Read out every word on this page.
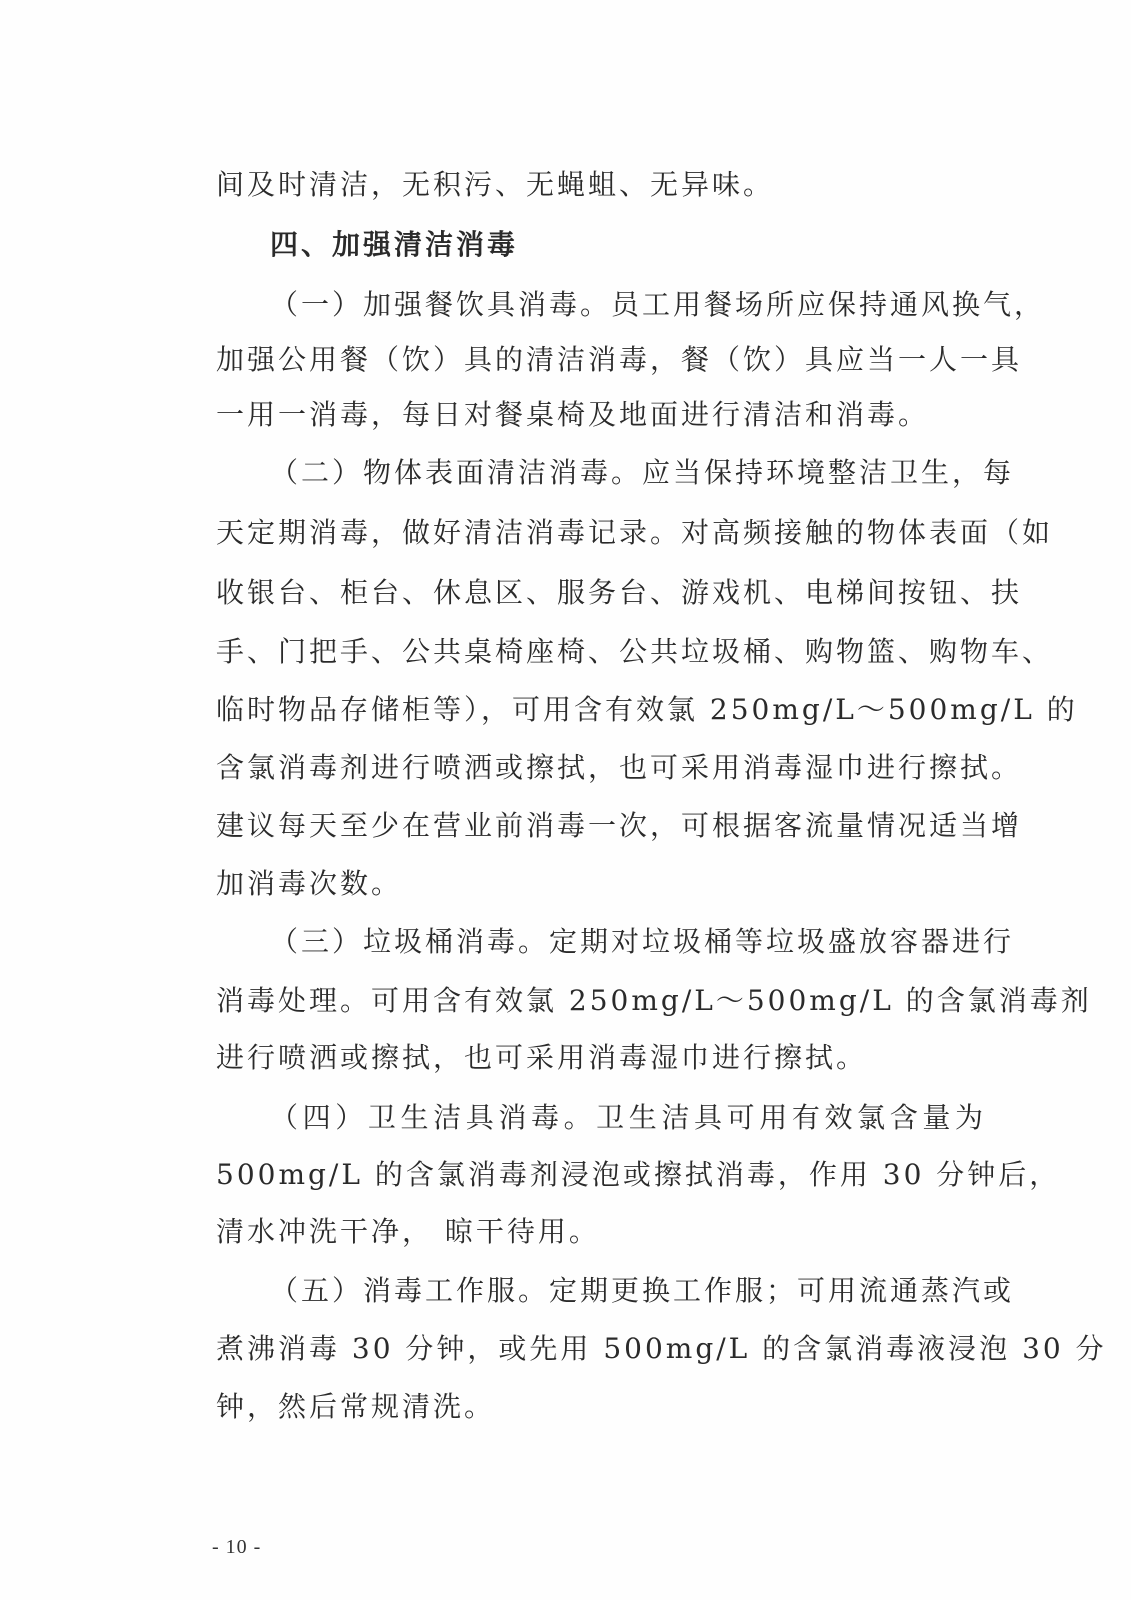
间及时清洁，无积污、无蝇蛆、无异味。

四、加强清洁消毒

（一）加强餐饮具消毒。员工用餐场所应保持通风换气，

加强公用餐（饮）具的清洁消毒，餐（饮）具应当一人一具

一用一消毒，每日对餐桌椅及地面进行清洁和消毒。

（二）物体表面清洁消毒。应当保持环境整洁卫生，每

天定期消毒，做好清洁消毒记录。对高频接触的物体表面（如

收银台、柜台、休息区、服务台、游戏机、电梯间按钮、扶

手、门把手、公共桌椅座椅、公共垃圾桶、购物篮、购物车、

临时物品存储柜等），可用含有效氯 250mg/L～500mg/L 的

含氯消毒剂进行喷洒或擦拭，也可采用消毒湿巾进行擦拭。

建议每天至少在营业前消毒一次，可根据客流量情况适当增

加消毒次数。

（三）垃圾桶消毒。定期对垃圾桶等垃圾盛放容器进行

消毒处理。可用含有效氯 250mg/L～500mg/L 的含氯消毒剂

进行喷洒或擦拭，也可采用消毒湿巾进行擦拭。

（四）卫生洁具消毒。卫生洁具可用有效氯含量为

500mg/L 的含氯消毒剂浸泡或擦拭消毒，作用 30 分钟后，

清水冲洗干净， 晾干待用。

（五）消毒工作服。定期更换工作服；可用流通蒸汽或

煮沸消毒 30 分钟，或先用 500mg/L 的含氯消毒液浸泡 30 分

钟，然后常规清洗。

- 10 -
